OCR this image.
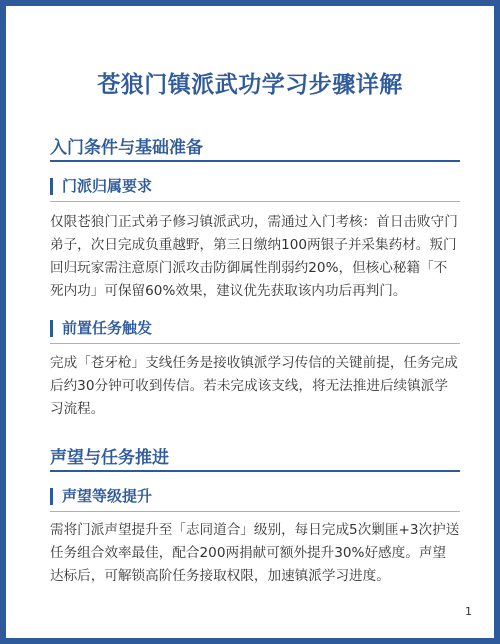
苍狼门镇派武功学习步骤详解
入门条件与基础准备
门派归属要求
仅限苍狼门正式弟子修习镇派武功，需通过入门考核：首日击败守门
弟子，次日完成负重越野，第三日缴纳100两银子并采集药材。叛门
回归玩家需注意原门派攻击防御属性削弱约20%，但核心秘籍「不
死内功」可保留60%效果，建议优先获取该内功后再判门。
前置任务触发
完成「苍牙枪」支线任务是接收镇派学习传信的关键前提，任务完成
后约30分钟可收到传信。若未完成该支线，将无法推进后续镇派学
习流程。
声望与任务推进
声望等级提升
需将门派声望提升至「志同道合」级别，每日完成5次剿匪+3次护送
任务组合效率最佳，配合200两捐献可额外提升30%好感度。声望
达标后，可解锁高阶任务接取权限，加速镇派学习进度。
1
